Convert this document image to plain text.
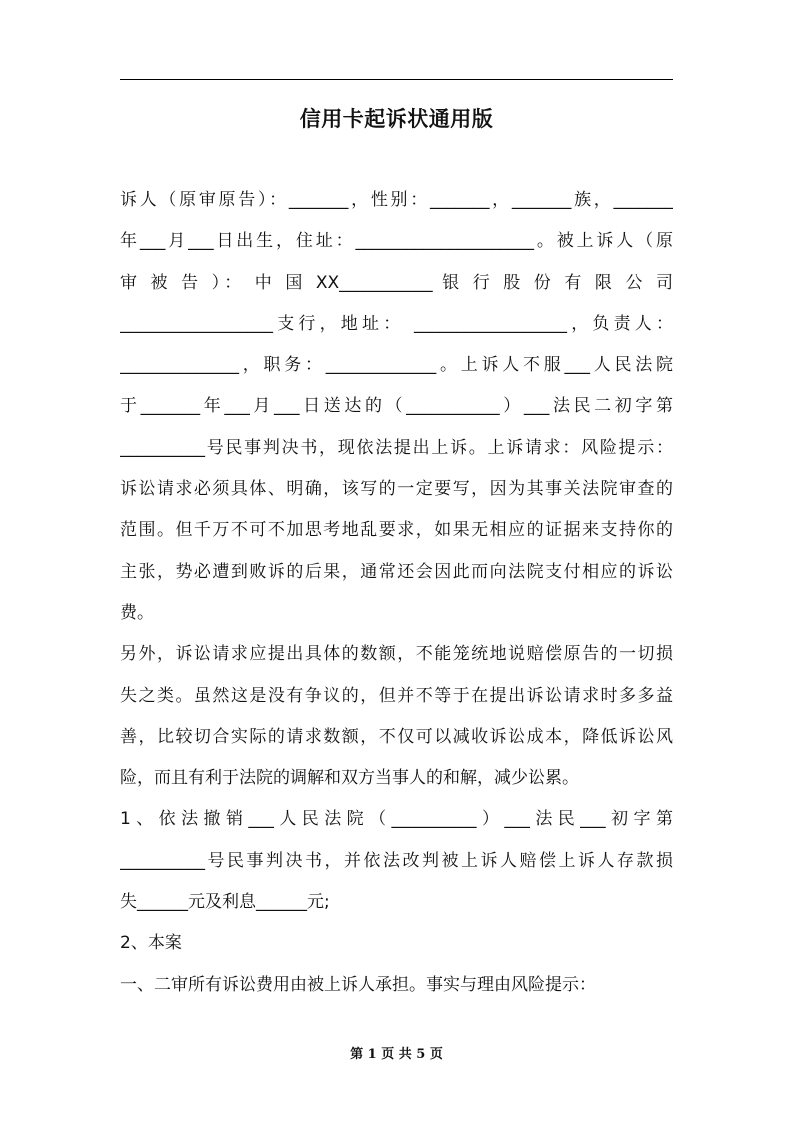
信用卡起诉状通用版
诉人（原审原告）：_______，性别：_______，_______族，_______
年___月___日出生，住址：_____________________。被上诉人（原
审 被 告 ）： 中 国 XX___________ 银 行 股 份 有 限 公 司
__________________支行，地址： __________________，负责人：
______________，职务：_____________。上诉人不服___人民法院
于_______年___月___日送达的（___________）___法民二初字第
__________号民事判决书，现依法提出上诉。上诉请求：风险提示：
诉讼请求必须具体、明确，该写的一定要写，因为其事关法院审查的
范围。但千万不可不加思考地乱要求，如果无相应的证据来支持你的
主张，势必遭到败诉的后果，通常还会因此而向法院支付相应的诉讼
费。
另外，诉讼请求应提出具体的数额，不能笼统地说赔偿原告的一切损
失之类。虽然这是没有争议的，但并不等于在提出诉讼请求时多多益
善，比较切合实际的请求数额，不仅可以减收诉讼成本，降低诉讼风
险，而且有利于法院的调解和双方当事人的和解，减少讼累。
1、依法撤销___人民法院（__________）___法民___初字第
__________号民事判决书，并依法改判被上诉人赔偿上诉人存款损
失______元及利息______元;
2、本案
一、二审所有诉讼费用由被上诉人承担。事实与理由风险提示：
第 1 页 共 5 页
